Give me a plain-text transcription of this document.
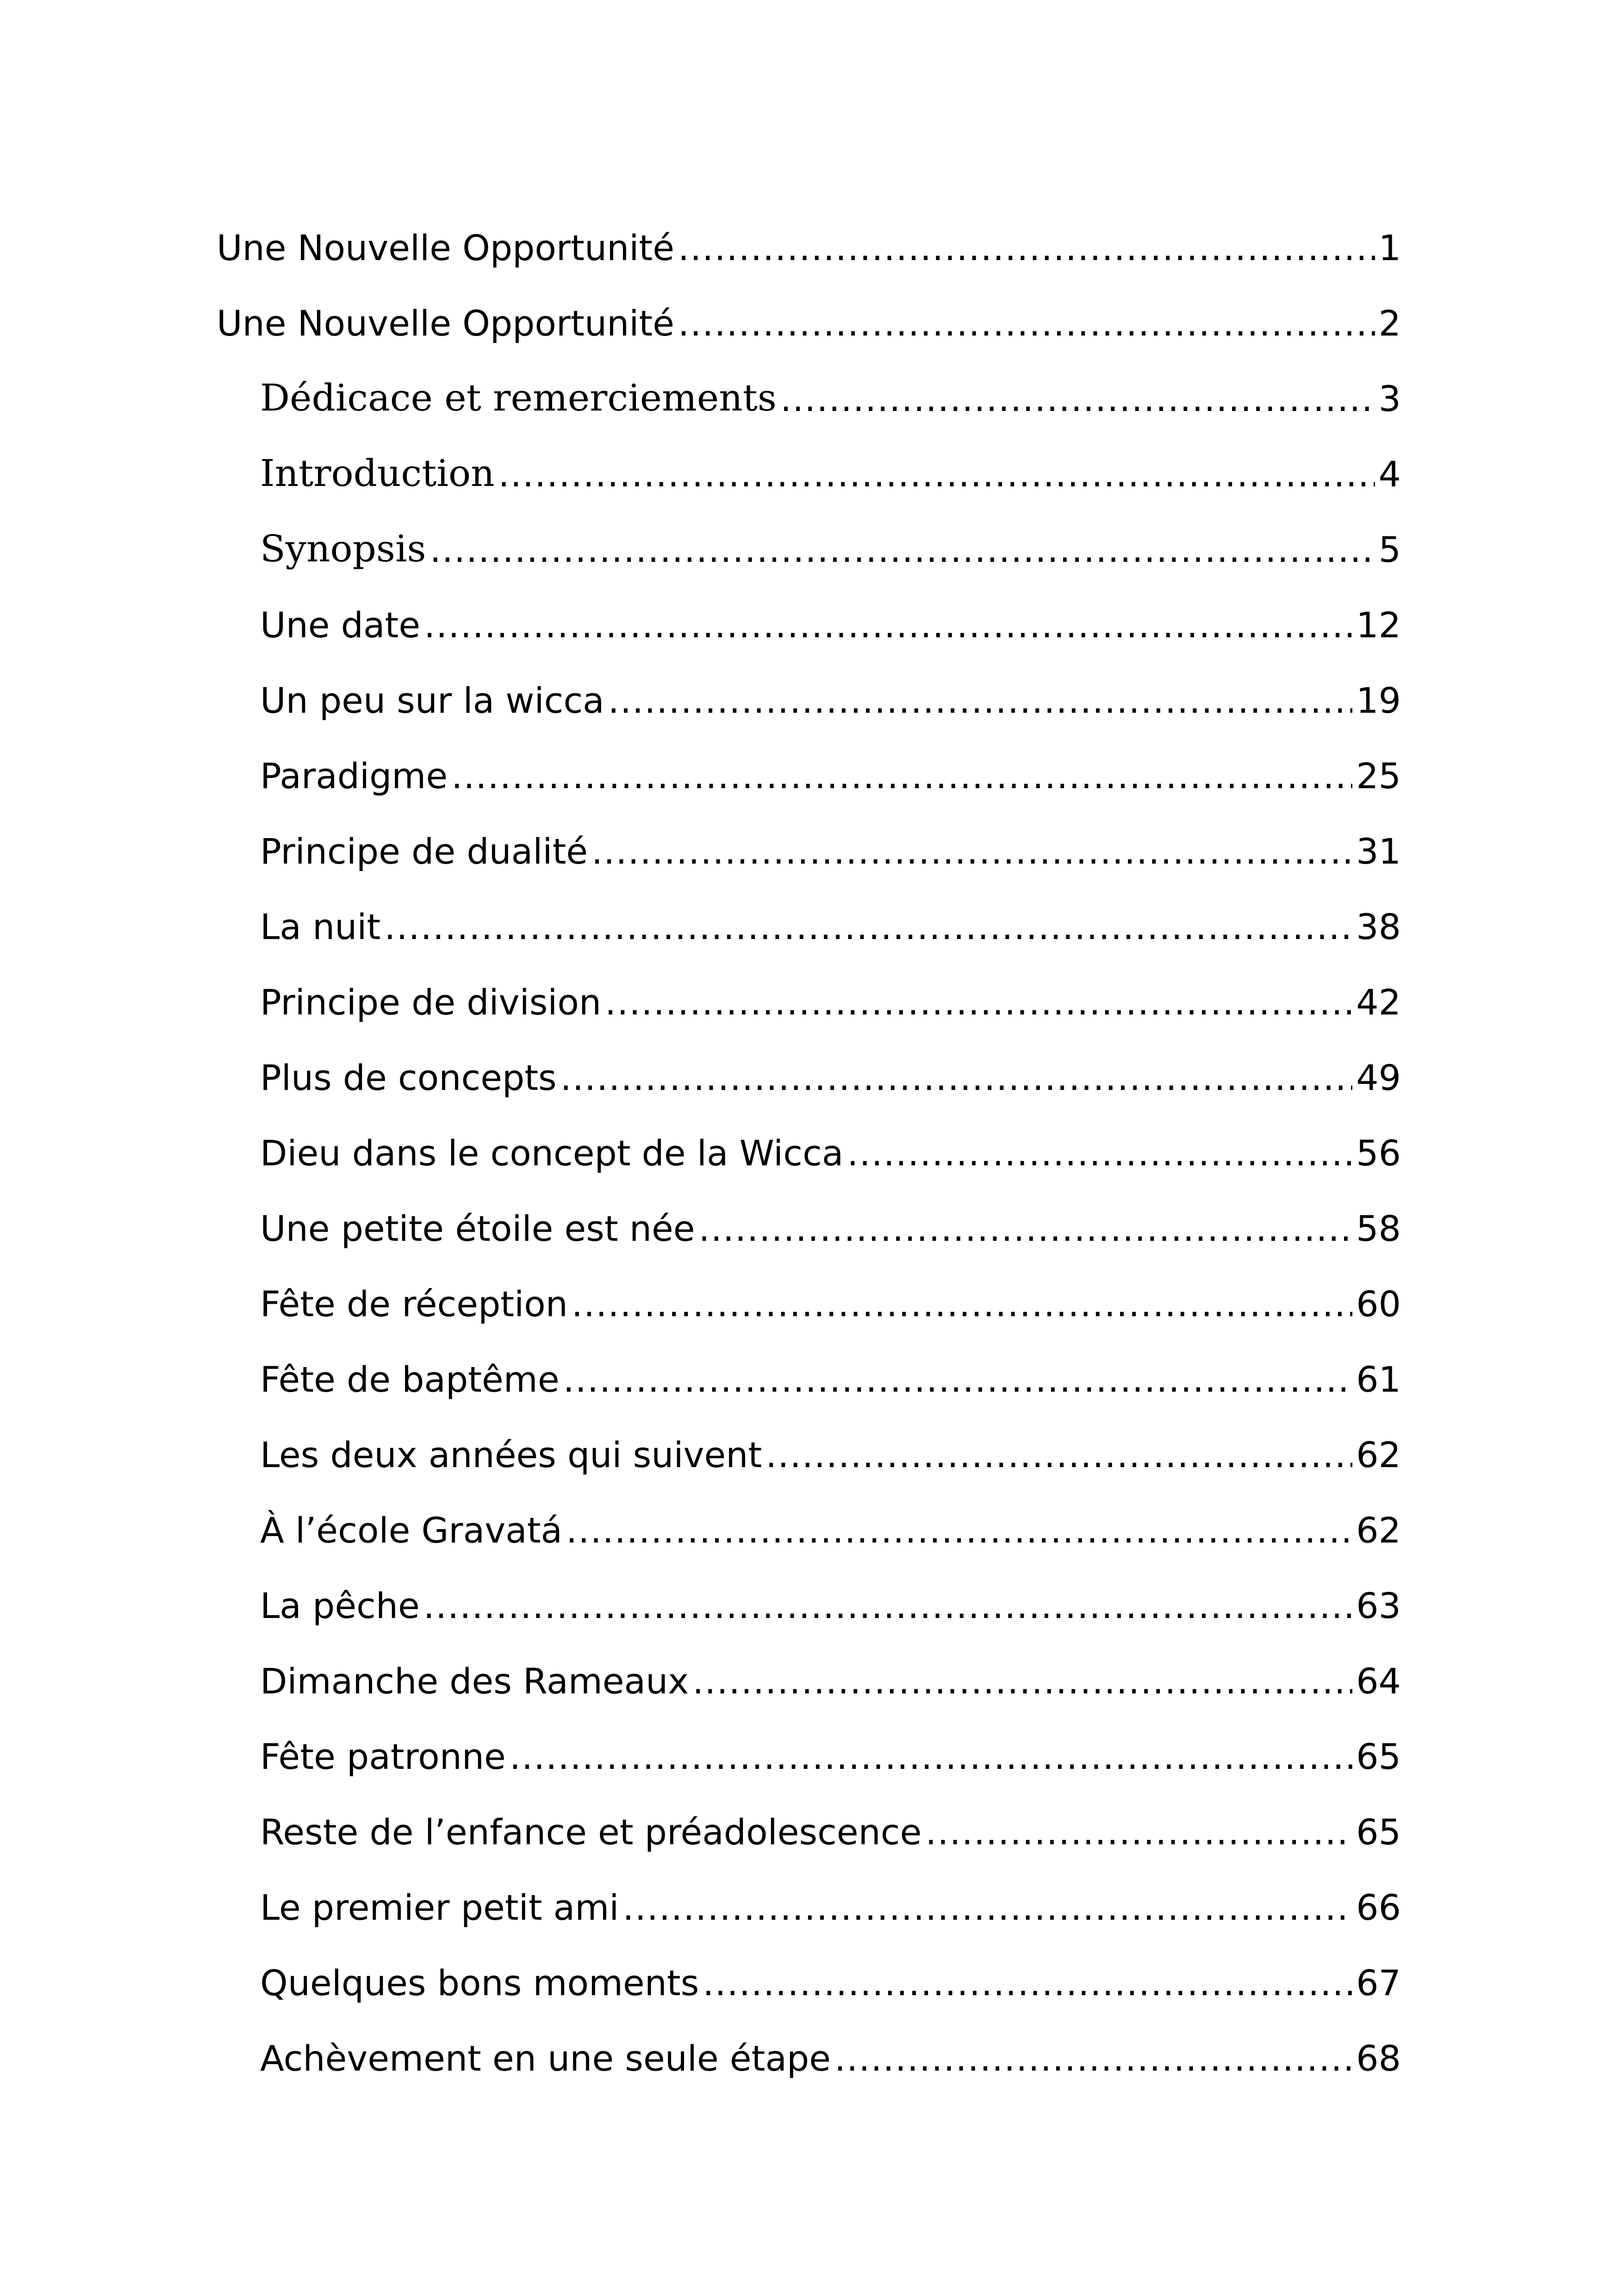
Une Nouvelle Opportunité .....	1
Une Nouvelle Opportunité .....	2
Dédicace et remerciements .....	3
Introduction .....	4
Synopsis .....	5
Une date .....	12
Un peu sur la wicca .....	19
Paradigme .....	25
Principe de dualité .....	31
La nuit .....	38
Principe de division .....	42
Plus de concepts .....	49
Dieu dans le concept de la Wicca .....	56
Une petite étoile est née .....	58
Fête de réception .....	60
Fête de baptême .....	61
Les deux années qui suivent .....	62
À l’école Gravatá .....	62
La pêche .....	63
Dimanche des Rameaux .....	64
Fête patronne .....	65
Reste de l’enfance et préadolescence .....	65
Le premier petit ami .....	66
Quelques bons moments .....	67
Achèvement en une seule étape .....	68
